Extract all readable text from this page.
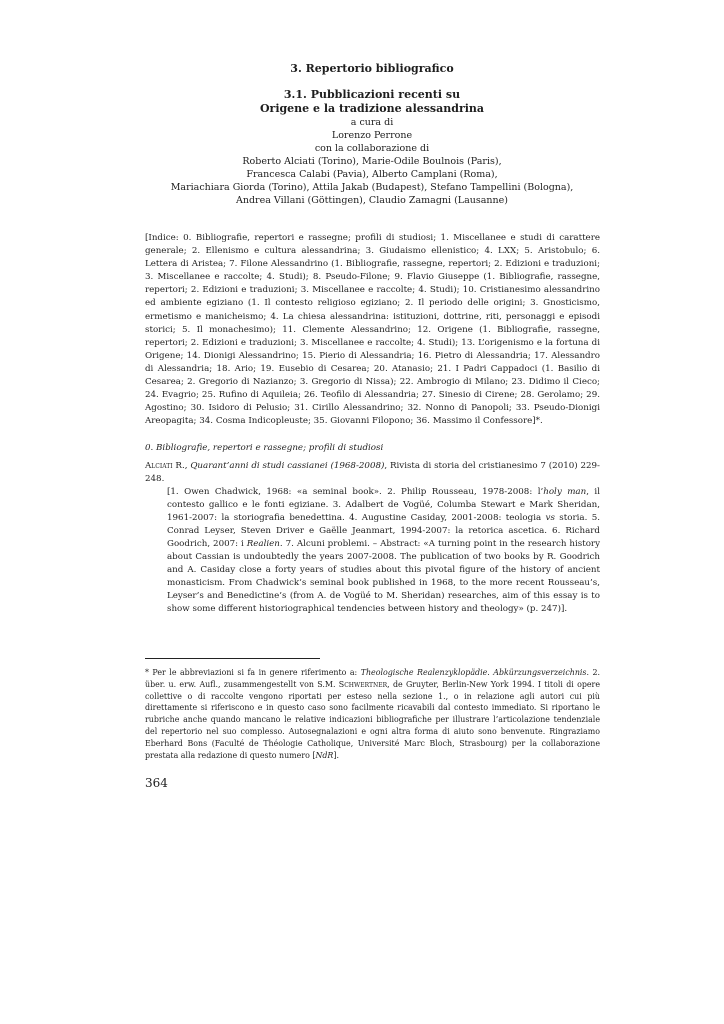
3. Repertorio bibliografico
3.1. Pubblicazioni recenti su
Origene e la tradizione alessandrina
a cura di
Lorenzo Perrone
con la collaborazione di
Roberto Alciati (Torino), Marie-Odile Boulnois (Paris),
Francesca Calabi (Pavia), Alberto Camplani (Roma),
Mariachiara Giorda (Torino), Attila Jakab (Budapest), Stefano Tampellini (Bologna),
Andrea Villani (Göttingen), Claudio Zamagni (Lausanne)
[Indice: 0. Bibliografie, repertori e rassegne; profili di studiosi; 1. Miscellanee e studi di carattere generale; 2. Ellenismo e cultura alessandrina; 3. Giudaismo ellenistico; 4. LXX; 5. Aristobulo; 6. Lettera di Aristea; 7. Filone Alessandrino (1. Bibliografie, rassegne, repertori; 2. Edizioni e traduzioni; 3. Miscellanee e raccolte; 4. Studi); 8. Pseudo-Filone; 9. Flavio Giuseppe (1. Bibliografie, rassegne, repertori; 2. Edizioni e traduzioni; 3. Miscellanee e raccolte; 4. Studi); 10. Cristianesimo alessandrino ed ambiente egiziano (1. Il contesto religioso egiziano; 2. Il periodo delle origini; 3. Gnosticismo, ermetismo e manicheismo; 4. La chiesa alessandrina: istituzioni, dottrine, riti, personaggi e episodi storici; 5. Il monachesimo); 11. Clemente Alessandrino; 12. Origene (1. Bibliografie, rassegne, repertori; 2. Edizioni e traduzioni; 3. Miscellanee e raccolte; 4. Studi); 13. L’origenismo e la fortuna di Origene; 14. Dionigi Alessandrino; 15. Pierio di Alessandria; 16. Pietro di Alessandria; 17. Alessandro di Alessandria; 18. Ario; 19. Eusebio di Cesarea; 20. Atanasio; 21. I Padri Cappadoci (1. Basilio di Cesarea; 2. Gregorio di Nazianzo; 3. Gregorio di Nissa); 22. Ambrogio di Milano; 23. Didimo il Cieco; 24. Evagrio; 25. Rufino di Aquileia; 26. Teofilo di Alessandria; 27. Sinesio di Cirene; 28. Gerolamo; 29. Agostino; 30. Isidoro di Pelusio; 31. Cirillo Alessandrino; 32. Nonno di Panopoli; 33. Pseudo-Dionigi Areopagita; 34. Cosma Indicopleuste; 35. Giovanni Filopono; 36. Massimo il Confessore]*.
0. Bibliografie, repertori e rassegne; profili di studiosi
Alciati R., Quarant’anni di studi cassianei (1968-2008), Rivista di storia del cristianesimo 7 (2010) 229-248.
[1. Owen Chadwick, 1968: «a seminal book». 2. Philip Rousseau, 1978-2008: l’holy man, il contesto gallico e le fonti egiziane. 3. Adalbert de Vogüé, Columba Stewart e Mark Sheridan, 1961-2007: la storiografia benedettina. 4. Augustine Casiday, 2001-2008: teologia vs storia. 5. Conrad Leyser, Steven Driver e Gaëlle Jeanmart, 1994-2007: la retorica ascetica. 6. Richard Goodrich, 2007: i Realien. 7. Alcuni problemi. – Abstract: «A turning point in the research history about Cassian is undoubtedly the years 2007-2008. The publication of two books by R. Goodrich and A. Casiday close a forty years of studies about this pivotal figure of the history of ancient monasticism. From Chadwick’s seminal book published in 1968, to the more recent Rousseau’s, Leyser’s and Benedictine’s (from A. de Vogüé to M. Sheridan) researches, aim of this essay is to show some different historiographical tendencies between history and theology» (p. 247)].
* Per le abbreviazioni si fa in genere riferimento a: Theologische Realenzyklopädie. Abkürzungsverzeichnis. 2. über. u. erw. Aufl., zusammengestellt von S.M. Schwertner, de Gruyter, Berlin-New York 1994. I titoli di opere collettive o di raccolte vengono riportati per esteso nella sezione 1., o in relazione agli autori cui più direttamente si riferiscono e in questo caso sono facilmente ricavabili dal contesto immediato. Si riportano le rubriche anche quando mancano le relative indicazioni bibliografiche per illustrare l’articolazione tendenziale del repertorio nel suo complesso. Autosegnalazioni e ogni altra forma di aiuto sono benvenute. Ringraziamo Eberhard Bons (Faculté de Théologie Catholique, Université Marc Bloch, Strasbourg) per la collaborazione prestata alla redazione di questo numero [NdR].
364
